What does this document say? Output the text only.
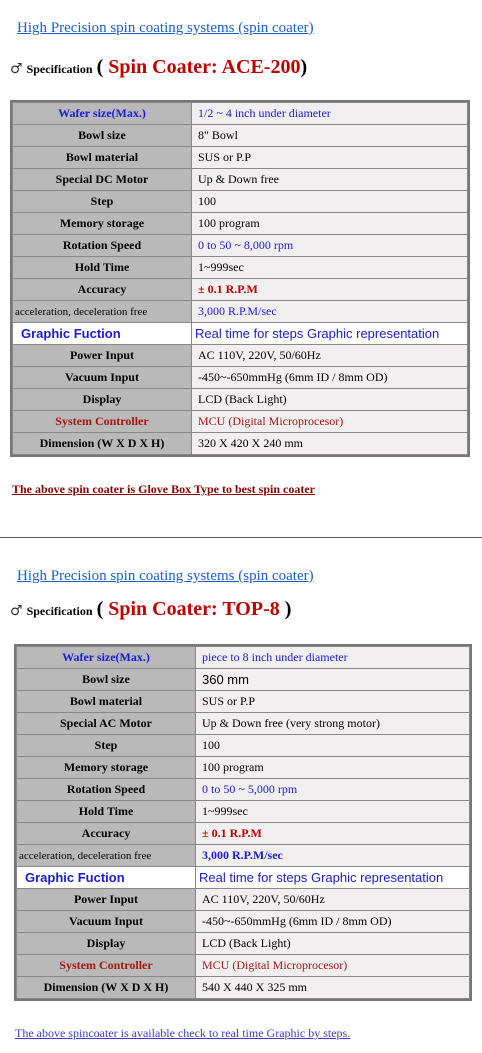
High Precision spin coating systems (spin coater)
♂ Specification ( Spin Coater: ACE-200)
Wafer size(Max.)	1/2 ~ 4 inch under diameter
Bowl size	8" Bowl
Bowl material	SUS or P.P
Special DC Motor	Up & Down free
Step	100
Memory storage	100 program
Rotation Speed	0 to 50 ~ 8,000 rpm
Hold Time	1~999sec
Accuracy	± 0.1 R.P.M
acceleration, deceleration free	3,000 R.P.M/sec
Graphic Fuction	Real time for steps Graphic representation
Power Input	AC 110V, 220V, 50/60Hz
Vacuum Input	-450~-650mmHg (6mm ID / 8mm OD)
Display	LCD (Back Light)
System Controller	MCU (Digital Microprocesor)
Dimension (W X D X H)	320 X 420 X 240 mm
The above spin coater is Glove Box Type to best spin coater
High Precision spin coating systems (spin coater)
♂ Specification ( Spin Coater: TOP-8 )
Wafer size(Max.)	piece to 8 inch under diameter
Bowl size	360 mm
Bowl material	SUS or P.P
Special AC Motor	Up & Down free (very strong motor)
Step	100
Memory storage	100 program
Rotation Speed	0 to 50 ~ 5,000 rpm
Hold Time	1~999sec
Accuracy	± 0.1 R.P.M
acceleration, deceleration free	3,000 R.P.M/sec
Graphic Fuction	Real time for steps Graphic representation
Power Input	AC 110V, 220V, 50/60Hz
Vacuum Input	-450~-650mmHg (6mm ID / 8mm OD)
Display	LCD (Back Light)
System Controller	MCU (Digital Microprocesor)
Dimension (W X D X H)	540 X 440 X 325 mm
The above spincoater is available check to real time Graphic by steps.
